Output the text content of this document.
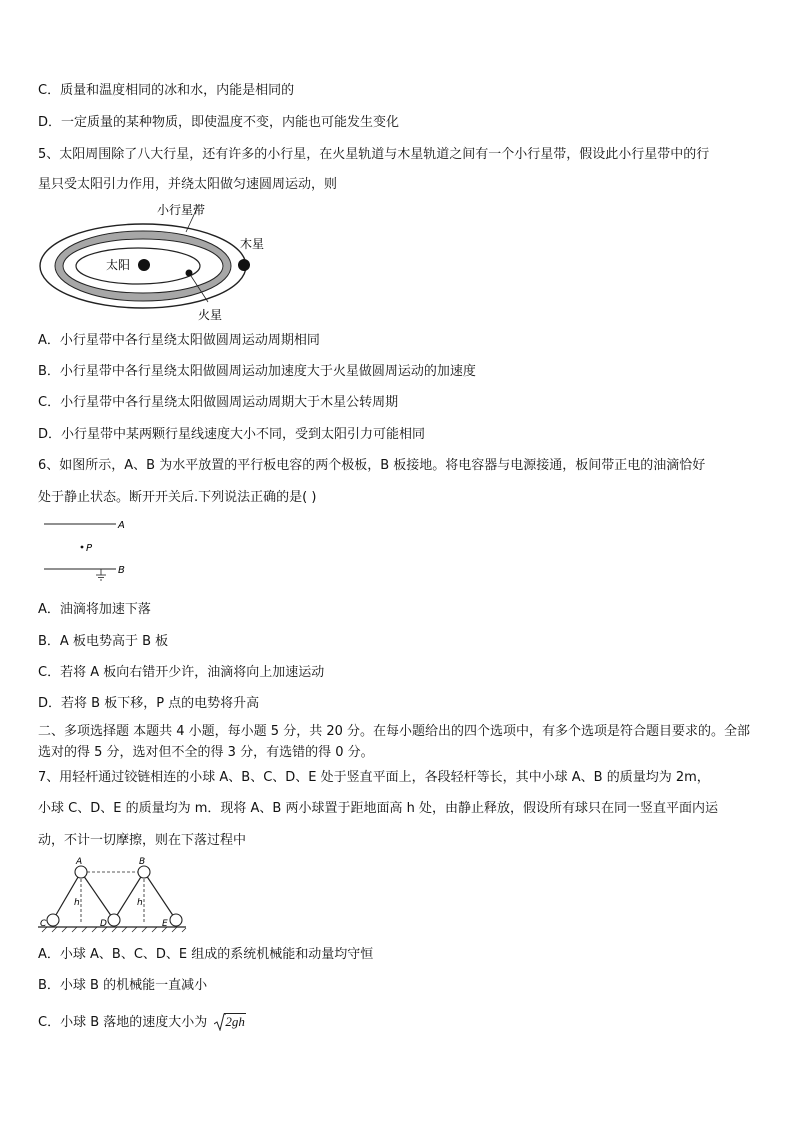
C．质量和温度相同的冰和水，内能是相同的
D．一定质量的某种物质，即使温度不变，内能也可能发生变化
5、太阳周围除了八大行星，还有许多的小行星，在火星轨道与木星轨道之间有一个小行星带，假设此小行星带中的行
星只受太阳引力作用，并绕太阳做匀速圆周运动，则
小行星带
太阳
木星
火星
A．小行星带中各行星绕太阳做圆周运动周期相同
B．小行星带中各行星绕太阳做圆周运动加速度大于火星做圆周运动的加速度
C．小行星带中各行星绕太阳做圆周运动周期大于木星公转周期
D．小行星带中某两颗行星线速度大小不同，受到太阳引力可能相同
6、如图所示，A、B 为水平放置的平行板电容的两个极板，B 板接地。将电容器与电源接通，板间带正电的油滴恰好
处于静止状态。断开开关后.下列说法正确的是( )
A
P
B
A．油滴将加速下落
B．A 板电势高于 B 板
C．若将 A 板向右错开少许，油滴将向上加速运动
D．若将 B 板下移，P 点的电势将升高
二、多项选择题 本题共 4 小题，每小题 5 分，共 20 分。在每小题给出的四个选项中，有多个选项是符合题目要求的。全部选对的得 5 分，选对但不全的得 3 分，有选错的得 0 分。
7、用轻杆通过铰链相连的小球 A、B、C、D、E 处于竖直平面上，各段轻杆等长，其中小球 A、B 的质量均为 2m，
小球 C、D、E 的质量均为 m．现将 A、B 两小球置于距地面高 h 处，由静止释放，假设所有球只在同一竖直平面内运
动，不计一切摩擦，则在下落过程中
A	B
C	D	E
h	h
A．小球 A、B、C、D、E 组成的系统机械能和动量均守恒
B．小球 B 的机械能一直减小
C．小球 B 落地的速度大小为 2gh
